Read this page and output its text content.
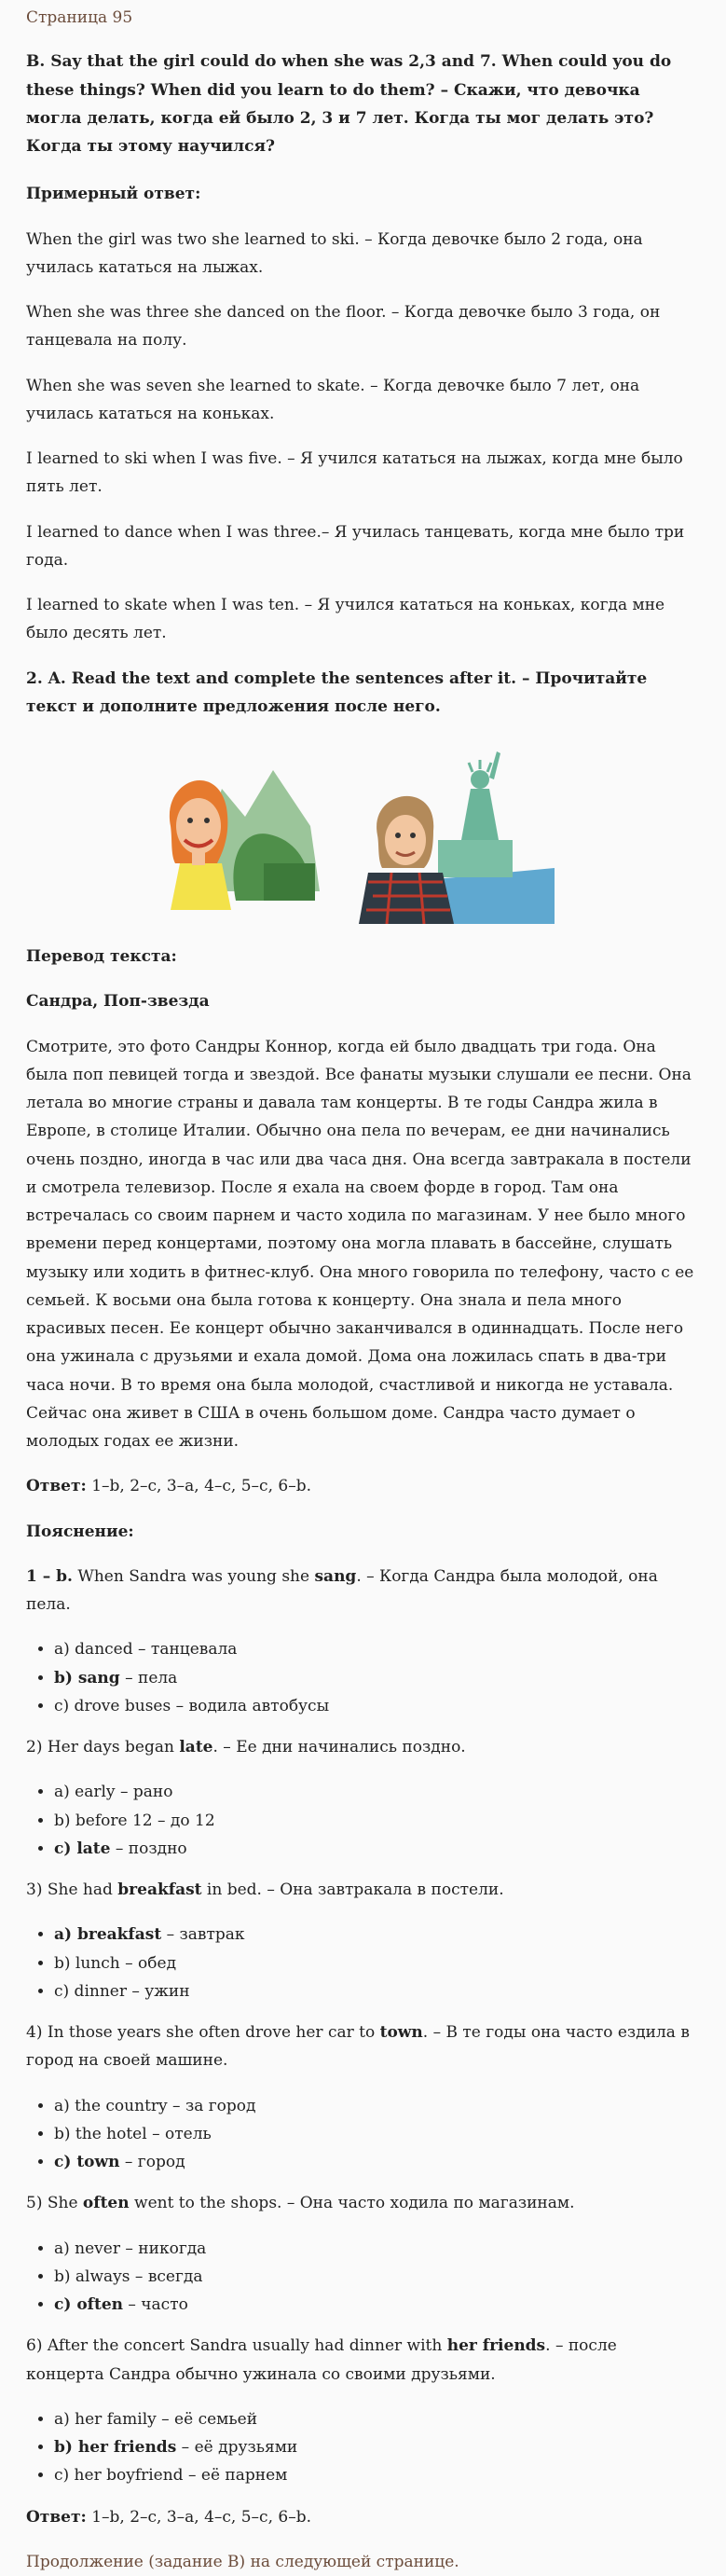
Страница 95

B. Say that the girl could do when she was 2,3 and 7. When could you do these things? When did you learn to do them? – Скажи, что девочка могла делать, когда ей было 2, 3 и 7 лет. Когда ты мог делать это? Когда ты этому научился?

Примерный ответ:

When the girl was two she learned to ski. – Когда девочке было 2 года, она училась кататься на лыжах.

When she was three she danced on the floor. – Когда девочке было 3 года, он танцевала на полу.

When she was seven she learned to skate. – Когда девочке было 7 лет, она училась кататься на коньках.

I learned to ski when I was five. – Я учился кататься на лыжах, когда мне было пять лет.

I learned to dance when I was three.– Я училась танцевать, когда мне было три года.

I learned to skate when I was ten. – Я учился кататься на коньках, когда мне было десять лет.

2. A. Read the text and complete the sentences after it. – Прочитайте текст и дополните предложения после него.

Перевод текста:

Сандра, Поп-звезда

Смотрите, это фото Сандры Коннор, когда ей было двадцать три года. Она была поп певицей тогда и звездой. Все фанаты музыки слушали ее песни. Она летала во многие страны и давала там концерты. В те годы Сандра жила в Европе, в столице Италии. Обычно она пела по вечерам, ее дни начинались очень поздно, иногда в час или два часа дня. Она всегда завтракала в постели и смотрела телевизор. После я ехала на своем форде в город. Там она встречалась со своим парнем и часто ходила по магазинам. У нее было много времени перед концертами, поэтому она могла плавать в бассейне, слушать музыку или ходить в фитнес-клуб. Она много говорила по телефону, часто с ее семьей. К восьми она была готова к концерту. Она знала и пела много красивых песен. Ее концерт обычно заканчивался в одиннадцать. После него она ужинала с друзьями и ехала домой. Дома она ложилась спать в два-три часа ночи. В то время она была молодой, счастливой и никогда не уставала. Сейчас она живет в США в очень большом доме. Сандра часто думает о молодых годах ее жизни.

Ответ: 1–b, 2–c, 3–a, 4–c, 5–c, 6–b.

Пояснение:

1 – b. When Sandra was young she sang. – Когда Сандра была молодой, она пела.

• a) danced – танцевала
• b) sang – пела
• c) drove buses – водила автобусы

2) Her days began late. – Ее дни начинались поздно.

• a) early – рано
• b) before 12 – до 12
• c) late – поздно

3) She had breakfast in bed. – Она завтракала в постели.

• a) breakfast – завтрак
• b) lunch – обед
• c) dinner – ужин

4) In those years she often drove her car to town. – В те годы она часто ездила в город на своей машине.

• a) the country – за город
• b) the hotel – отель
• c) town – город

5) She often went to the shops. – Она часто ходила по магазинам.

• a) never – никогда
• b) always – всегда
• c) often – часто

6) After the concert Sandra usually had dinner with her friends. – после концерта Сандра обычно ужинала со своими друзьями.

• a) her family – её семьей
• b) her friends – её друзьями
• c) her boyfriend – её парнем

Ответ: 1–b, 2–c, 3–a, 4–c, 5–c, 6–b.

Продолжение (задание B) на следующей странице.
